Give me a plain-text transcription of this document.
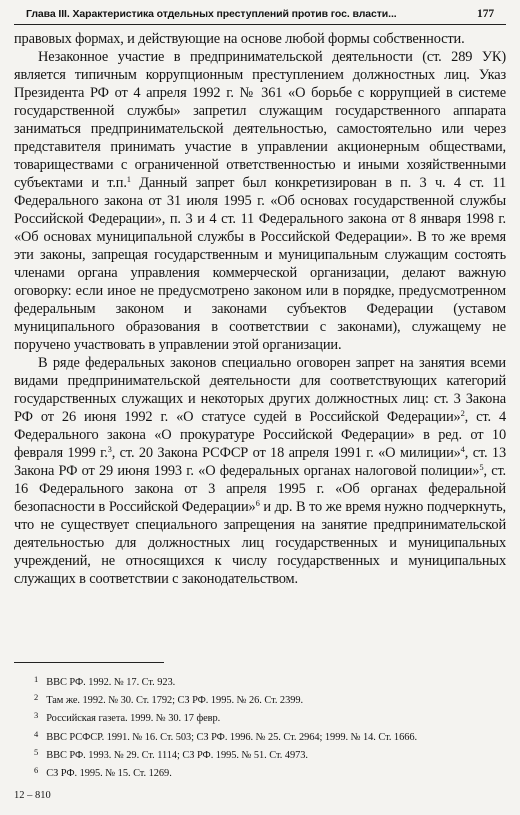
Глава III. Характеристика отдельных преступлений против гос. власти...	177

правовых формах, и действующие на основе любой формы собственности.

Незаконное участие в предпринимательской деятельности (ст. 289 УК) является типичным коррупционным преступлением должностных лиц. Указ Президента РФ от 4 апреля 1992 г. № 361 «О борьбе с коррупцией в системе государственной службы» запретил служащим государственного аппарата заниматься предпринимательской деятельностью, самостоятельно или через представителя принимать участие в управлении акционерным обществами, товариществами с ограниченной ответственностью и иными хозяйственными субъектами и т.п.$^1$ Данный запрет был конкретизирован в п. 3 ч. 4 ст. 11 Федерального закона от 31 июля 1995 г. «Об основах государственной службы Российской Федерации», п. 3 и 4 ст. 11 Федерального закона от 8 января 1998 г. «Об основах муниципальной службы в Российской Федерации». В то же время эти законы, запрещая государственным и муниципальным служащим состоять членами органа управления коммерческой организации, делают важную оговорку: если иное не предусмотрено законом или в порядке, предусмотренном федеральным законом и законами субъектов Федерации (уставом муниципального образования в соответствии с законами), служащему не поручено участвовать в управлении этой организации.

В ряде федеральных законов специально оговорен запрет на занятия всеми видами предпринимательской деятельности для соответствующих категорий государственных служащих и некоторых других должностных лиц: ст. 3 Закона РФ от 26 июня 1992 г. «О статусе судей в Российской Федерации»$^2$, ст. 4 Федерального закона «О прокуратуре Российской Федерации» в ред. от 10 февраля 1999 г.$^3$, ст. 20 Закона РСФСР от 18 апреля 1991 г. «О милиции»$^4$, ст. 13 Закона РФ от 29 июня 1993 г. «О федеральных органах налоговой полиции»$^5$, ст. 16 Федерального закона от 3 апреля 1995 г. «Об органах федеральной безопасности в Российской Федерации»$^6$ и др. В то же время нужно подчеркнуть, что не существует специального запрещения на занятие предпринимательской деятельностью для должностных лиц государственных и муниципальных учреждений, не относящихся к числу государственных и муниципальных служащих в соответствии с законодательством.

$^1$ ВВС РФ. 1992. № 17. Ст. 923.

$^2$ Там же. 1992. № 30. Ст. 1792; СЗ РФ. 1995. № 26. Ст. 2399.

$^3$ Российская газета. 1999. № 30. 17 февр.

$^4$ ВВС РСФСР. 1991. № 16. Ст. 503; СЗ РФ. 1996. № 25. Ст. 2964; 1999. № 14. Ст. 1666.

$^5$ ВВС РФ. 1993. № 29. Ст. 1114; СЗ РФ. 1995. № 51. Ст. 4973.

$^6$ СЗ РФ. 1995. № 15. Ст. 1269.

12 – 810
